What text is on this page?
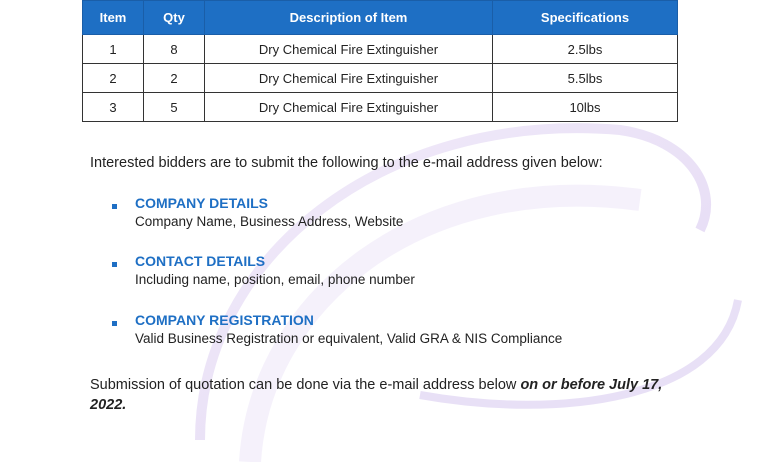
Item	Qty	Description of Item	Specifications
1	8	Dry Chemical Fire Extinguisher	2.5lbs
2	2	Dry Chemical Fire Extinguisher	5.5lbs
3	5	Dry Chemical Fire Extinguisher	10lbs
Interested bidders are to submit the following to the e-mail address given below:
COMPANY DETAILS
Company Name, Business Address, Website
CONTACT DETAILS
Including name, position, email, phone number
COMPANY REGISTRATION
Valid Business Registration or equivalent, Valid GRA & NIS Compliance
Submission of quotation can be done via the e-mail address below on or before July 17, 2022.
